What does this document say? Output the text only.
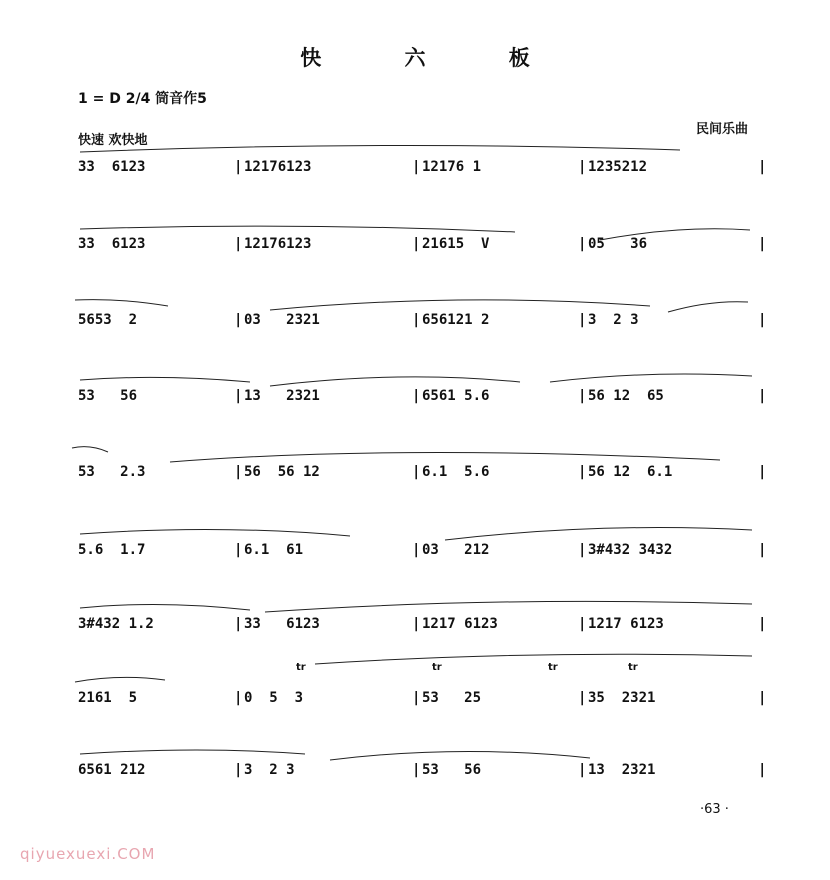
快 六 板
1 = D 2/4 筒音作5
快速 欢快地
民间乐曲
33  6123	| 12176123	| 12176 1	| 1235212	|
33  6123	| 12176123	| 21615  V	| 05   36	|
5653  2	| 03   2321	| 656121 2	| 3  2 3	|
53   56	| 13   2321	| 6561 5.6	| 56 12  65	|
53   2.3	| 56  56 12	| 6.1  5.6	| 56 12  6.1	|
5.6  1.7	| 6.1  61	| 03   212	| 3#432 3432	|
3#432 1.2	| 33   6123	| 1217 6123	| 1217 6123	|
2161  5	| 0  5  3	| 53   25	| 35  2321	|
6561 212	| 3  2 3	| 53   56	| 13  2321	|
tr	tr	tr	tr
·63 ·
qiyuexuexi.COM
